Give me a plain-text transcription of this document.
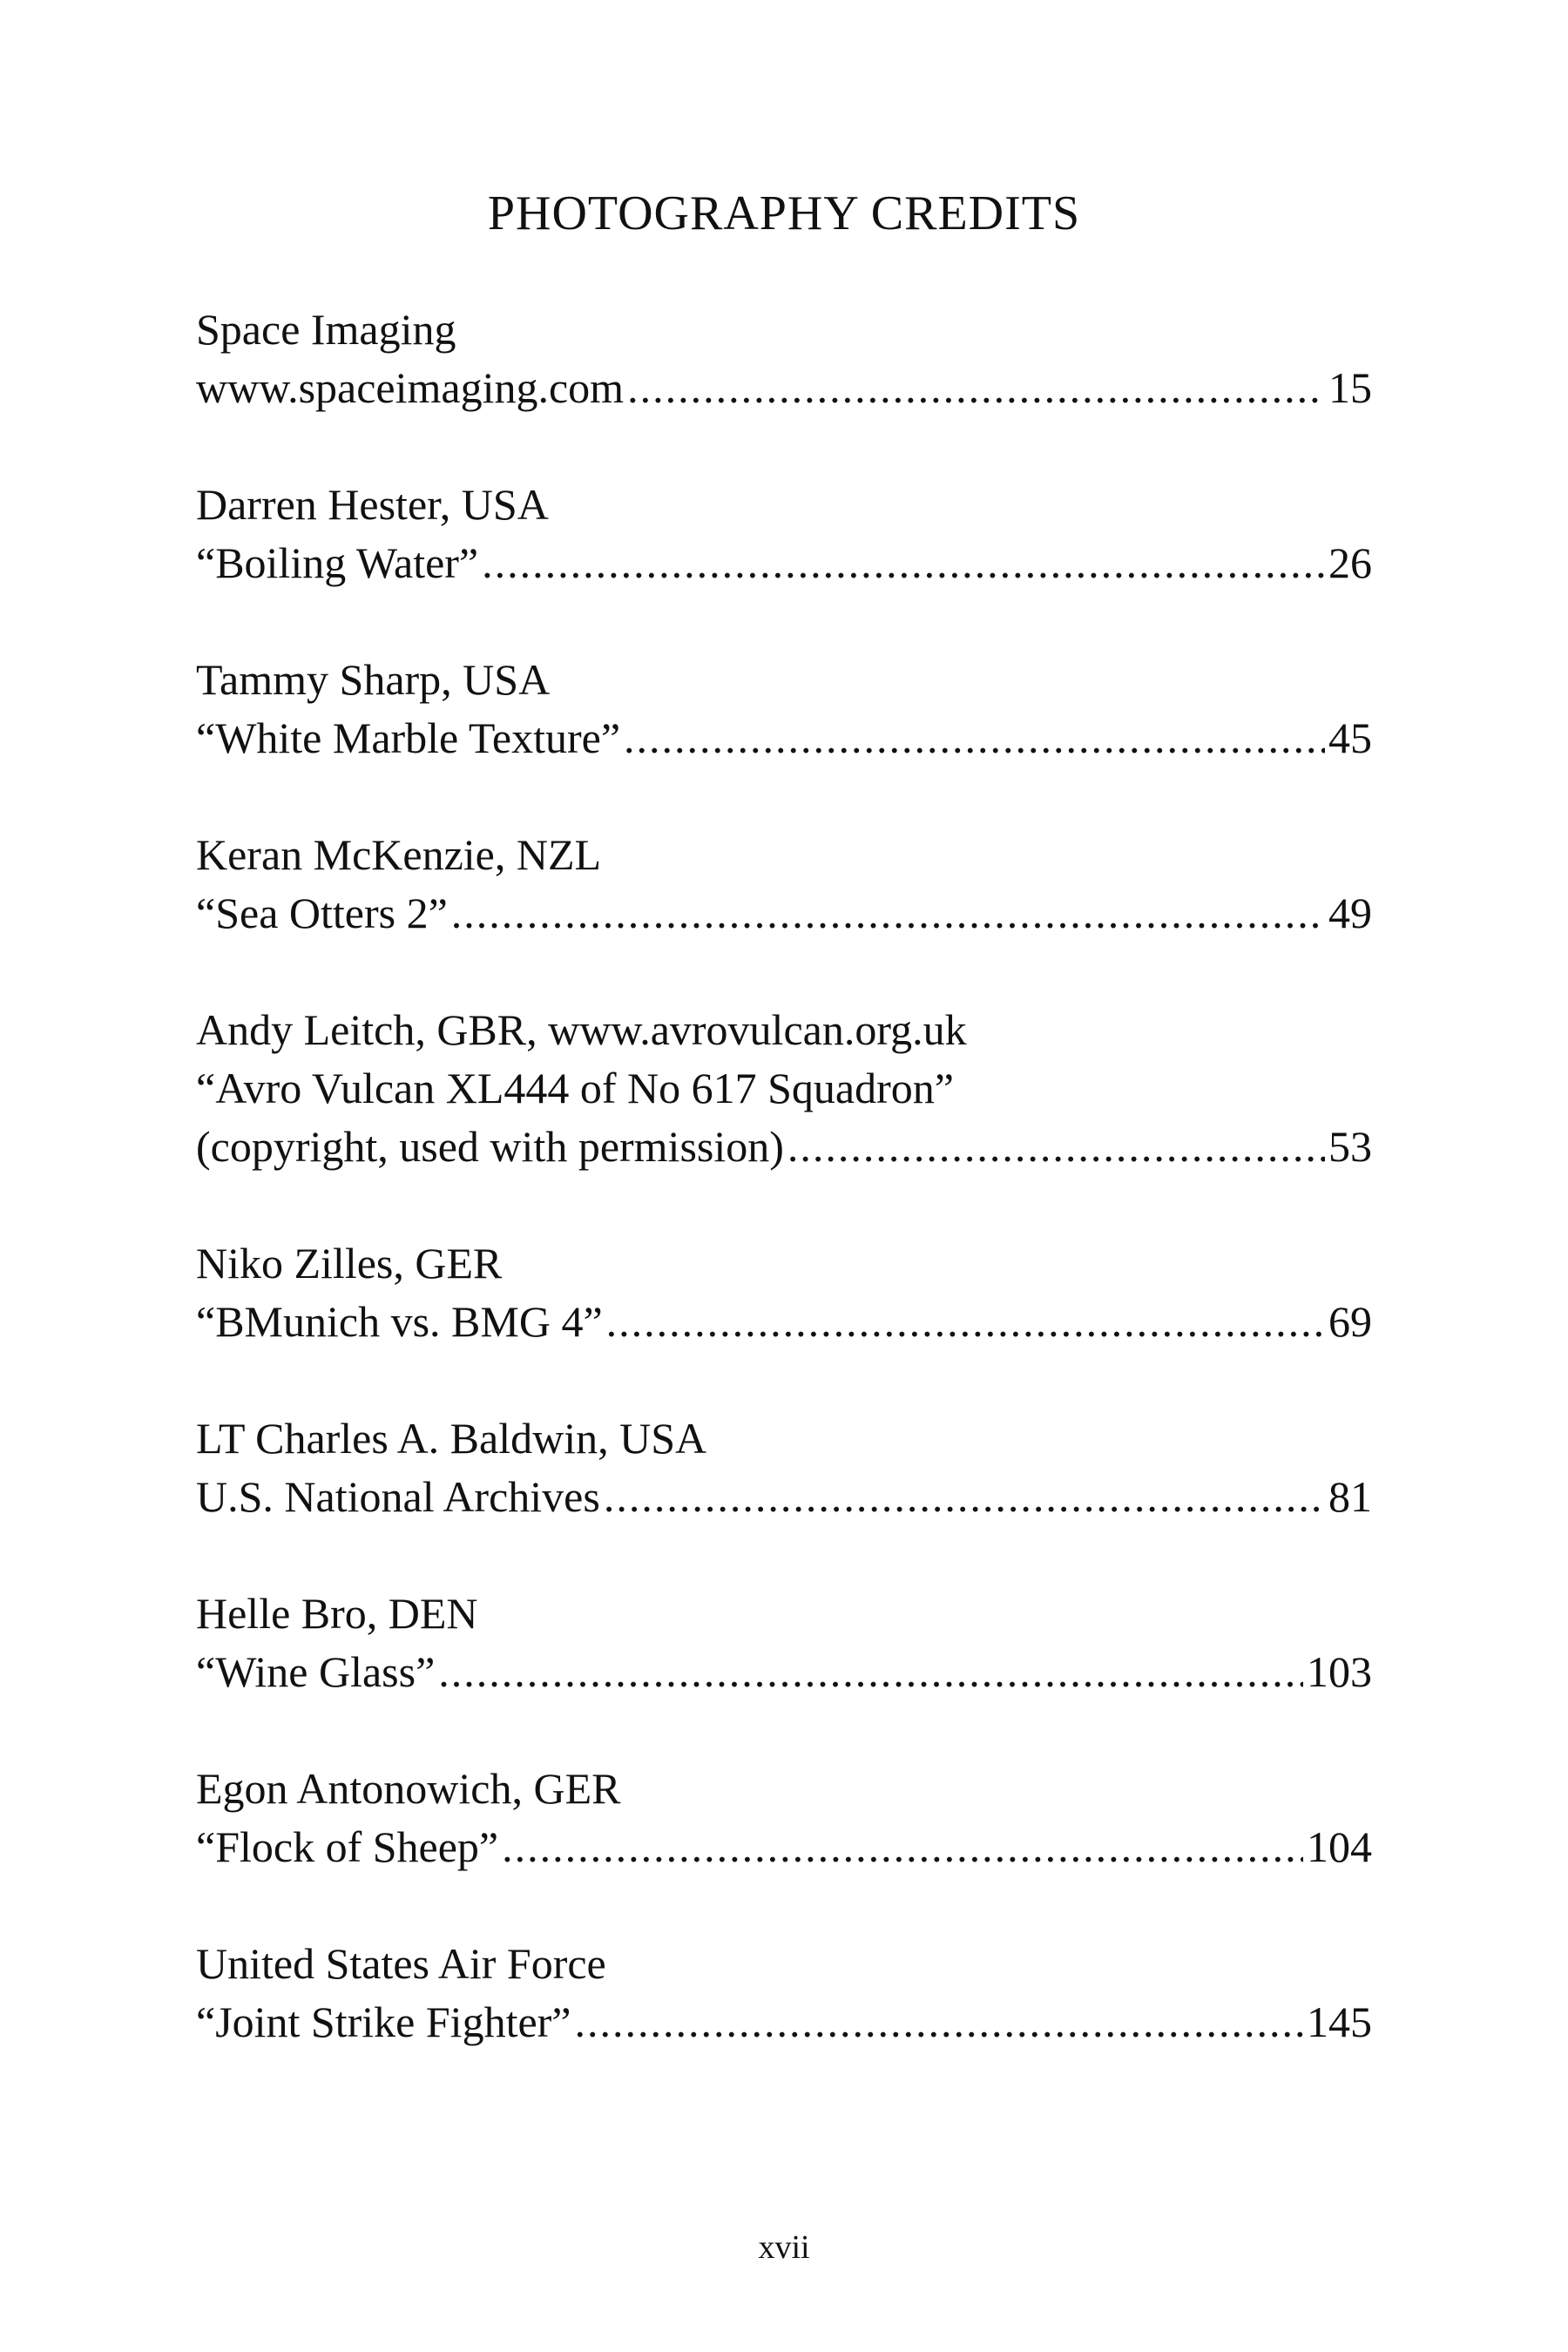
PHOTOGRAPHY CREDITS
Space Imaging
www.spaceimaging.com .....	15
Darren Hester, USA
“Boiling Water” .....	26
Tammy Sharp, USA
“White Marble Texture” .....	45
Keran McKenzie, NZL
“Sea Otters 2” .....	49
Andy Leitch, GBR, www.avrovulcan.org.uk
“Avro Vulcan XL444 of No 617 Squadron”
(copyright, used with permission) .....	53
Niko Zilles, GER
“BMunich vs. BMG 4” .....	69
LT Charles A. Baldwin, USA
U.S. National Archives .....	81
Helle Bro, DEN
“Wine Glass” .....	103
Egon Antonowich, GER
“Flock of Sheep” .....	104
United States Air Force
“Joint Strike Fighter” .....	145
xvii
